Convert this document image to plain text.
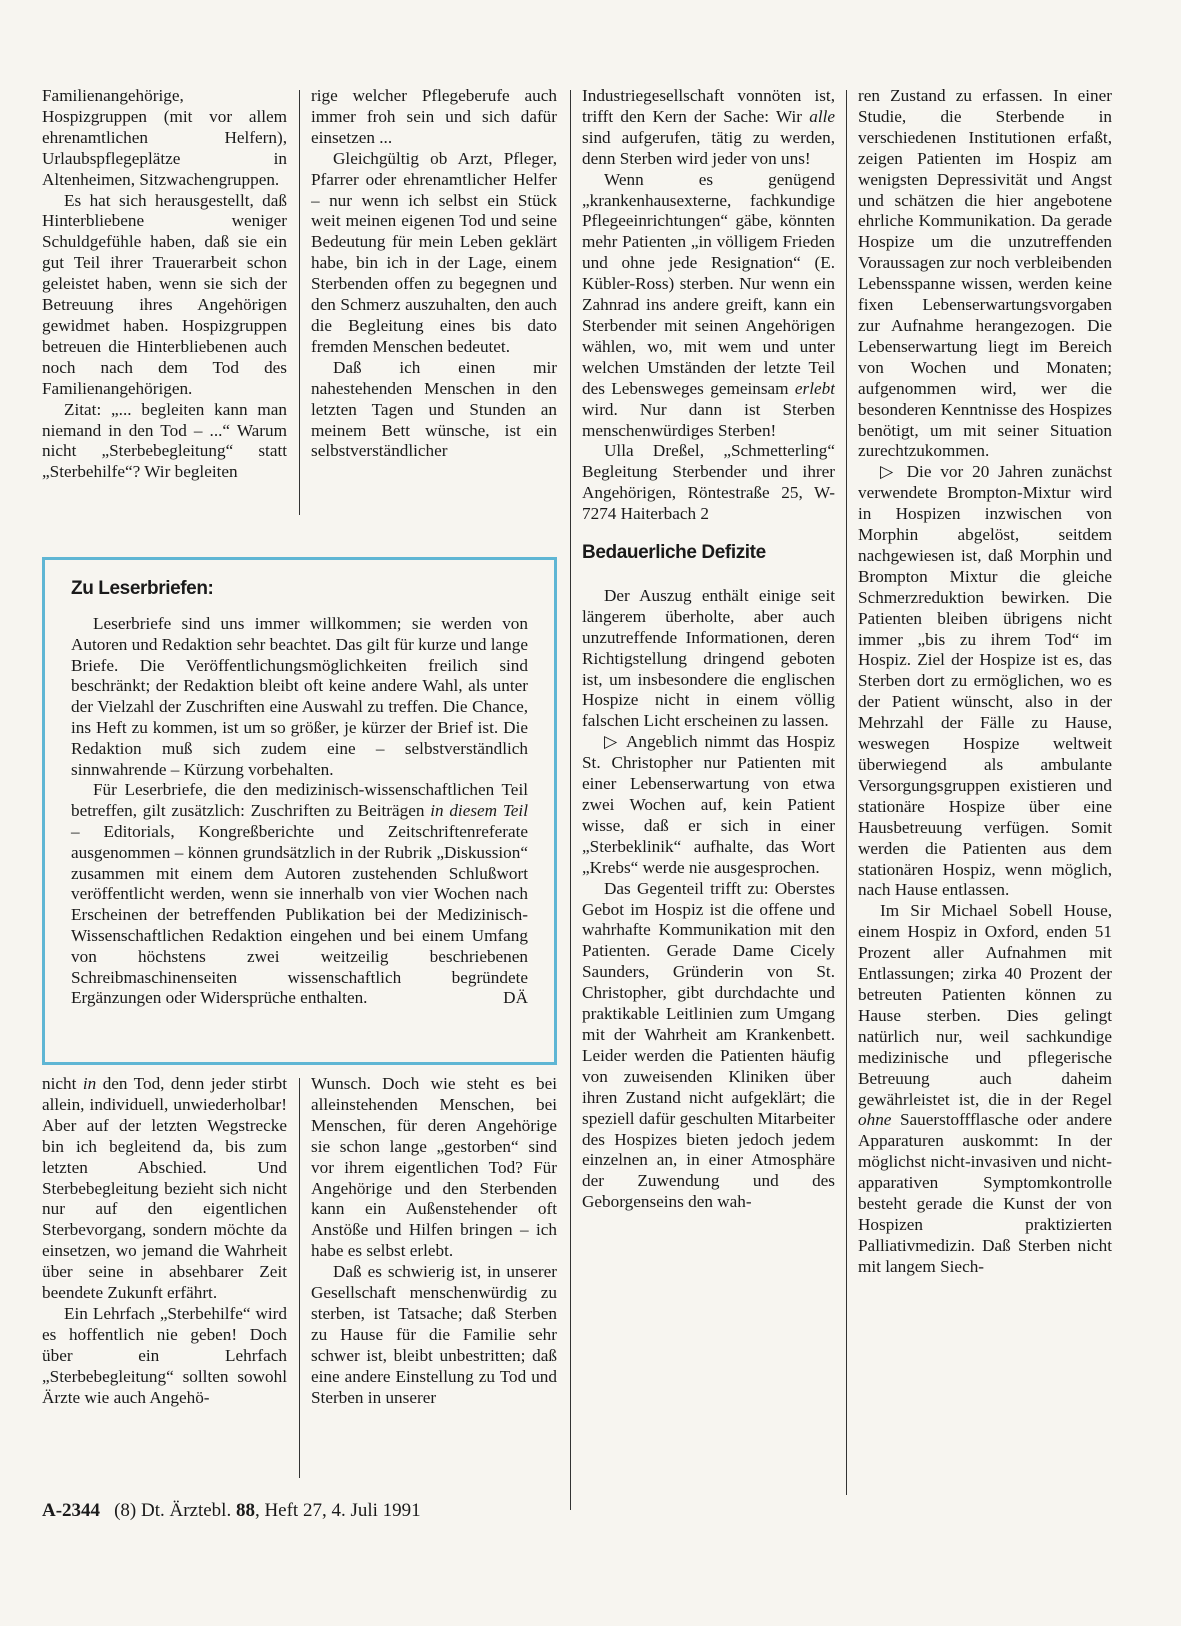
Familienangehörige, Hospizgruppen (mit vor allem ehrenamtlichen Helfern), Urlaubspflegeplätze in Altenheimen, Sitzwachengruppen.

Es hat sich herausgestellt, daß Hinterbliebene weniger Schuldgefühle haben, daß sie ein gut Teil ihrer Trauerarbeit schon geleistet haben, wenn sie sich der Betreuung ihres Angehörigen gewidmet haben. Hospizgruppen betreuen die Hinterbliebenen auch noch nach dem Tod des Familienangehörigen.

Zitat: „... begleiten kann man niemand in den Tod – ...“ Warum nicht „Sterbebegleitung“ statt „Sterbehilfe“? Wir begleiten

rige welcher Pflegeberufe auch immer froh sein und sich dafür einsetzen ...

Gleichgültig ob Arzt, Pfleger, Pfarrer oder ehrenamtlicher Helfer – nur wenn ich selbst ein Stück weit meinen eigenen Tod und seine Bedeutung für mein Leben geklärt habe, bin ich in der Lage, einem Sterbenden offen zu begegnen und den Schmerz auszuhalten, den auch die Begleitung eines bis dato fremden Menschen bedeutet.

Daß ich einen mir nahestehenden Menschen in den letzten Tagen und Stunden an meinem Bett wünsche, ist ein selbstverständlicher

Zu Leserbriefen:

Leserbriefe sind uns immer willkommen; sie werden von Autoren und Redaktion sehr beachtet. Das gilt für kurze und lange Briefe. Die Veröffentlichungsmöglichkeiten freilich sind beschränkt; der Redaktion bleibt oft keine andere Wahl, als unter der Vielzahl der Zuschriften eine Auswahl zu treffen. Die Chance, ins Heft zu kommen, ist um so größer, je kürzer der Brief ist. Die Redaktion muß sich zudem eine – selbstverständlich sinnwahrende – Kürzung vorbehalten.

Für Leserbriefe, die den medizinisch-wissenschaftlichen Teil betreffen, gilt zusätzlich: Zuschriften zu Beiträgen in diesem Teil – Editorials, Kongreßberichte und Zeitschriftenreferate ausgenommen – können grundsätzlich in der Rubrik „Diskussion“ zusammen mit einem dem Autoren zustehenden Schlußwort veröffentlicht werden, wenn sie innerhalb von vier Wochen nach Erscheinen der betreffenden Publikation bei der Medizinisch-Wissenschaftlichen Redaktion eingehen und bei einem Umfang von höchstens zwei weitzeilig beschriebenen Schreibmaschinenseiten wissenschaftlich begründete Ergänzungen oder Widersprüche enthalten.	DÄ

nicht in den Tod, denn jeder stirbt allein, individuell, unwiederholbar! Aber auf der letzten Wegstrecke bin ich begleitend da, bis zum letzten Abschied. Und Sterbebegleitung bezieht sich nicht nur auf den eigentlichen Sterbevorgang, sondern möchte da einsetzen, wo jemand die Wahrheit über seine in absehbarer Zeit beendete Zukunft erfährt.

Ein Lehrfach „Sterbehilfe“ wird es hoffentlich nie geben! Doch über ein Lehrfach „Sterbebegleitung“ sollten sowohl Ärzte wie auch Angehö-

Wunsch. Doch wie steht es bei alleinstehenden Menschen, bei Menschen, für deren Angehörige sie schon lange „gestorben“ sind vor ihrem eigentlichen Tod? Für Angehörige und den Sterbenden kann ein Außenstehender oft Anstöße und Hilfen bringen – ich habe es selbst erlebt.

Daß es schwierig ist, in unserer Gesellschaft menschenwürdig zu sterben, ist Tatsache; daß Sterben zu Hause für die Familie sehr schwer ist, bleibt unbestritten; daß eine andere Einstellung zu Tod und Sterben in unserer

Industriegesellschaft vonnöten ist, trifft den Kern der Sache: Wir alle sind aufgerufen, tätig zu werden, denn Sterben wird jeder von uns!

Wenn es genügend „krankenhausexterne, fachkundige Pflegeeinrichtungen“ gäbe, könnten mehr Patienten „in völligem Frieden und ohne jede Resignation“ (E. Kübler-Ross) sterben. Nur wenn ein Zahnrad ins andere greift, kann ein Sterbender mit seinen Angehörigen wählen, wo, mit wem und unter welchen Umständen der letzte Teil des Lebensweges gemeinsam erlebt wird. Nur dann ist Sterben menschenwürdiges Sterben!

Ulla Dreßel, „Schmetterling“ Begleitung Sterbender und ihrer Angehörigen, Röntestraße 25, W-7274 Haiterbach 2

Bedauerliche Defizite

Der Auszug enthält einige seit längerem überholte, aber auch unzutreffende Informationen, deren Richtigstellung dringend geboten ist, um insbesondere die englischen Hospize nicht in einem völlig falschen Licht erscheinen zu lassen.

▷ Angeblich nimmt das Hospiz St. Christopher nur Patienten mit einer Lebenserwartung von etwa zwei Wochen auf, kein Patient wisse, daß er sich in einer „Sterbeklinik“ aufhalte, das Wort „Krebs“ werde nie ausgesprochen.

Das Gegenteil trifft zu: Oberstes Gebot im Hospiz ist die offene und wahrhafte Kommunikation mit den Patienten. Gerade Dame Cicely Saunders, Gründerin von St. Christopher, gibt durchdachte und praktikable Leitlinien zum Umgang mit der Wahrheit am Krankenbett. Leider werden die Patienten häufig von zuweisenden Kliniken über ihren Zustand nicht aufgeklärt; die speziell dafür geschulten Mitarbeiter des Hospizes bieten jedoch jedem einzelnen an, in einer Atmosphäre der Zuwendung und des Geborgenseins den wah-

ren Zustand zu erfassen. In einer Studie, die Sterbende in verschiedenen Institutionen erfaßt, zeigen Patienten im Hospiz am wenigsten Depressivität und Angst und schätzen die hier angebotene ehrliche Kommunikation. Da gerade Hospize um die unzutreffenden Voraussagen zur noch verbleibenden Lebensspanne wissen, werden keine fixen Lebenserwartungsvorgaben zur Aufnahme herangezogen. Die Lebenserwartung liegt im Bereich von Wochen und Monaten; aufgenommen wird, wer die besonderen Kenntnisse des Hospizes benötigt, um mit seiner Situation zurechtzukommen.

▷ Die vor 20 Jahren zunächst verwendete Brompton-Mixtur wird in Hospizen inzwischen von Morphin abgelöst, seitdem nachgewiesen ist, daß Morphin und Brompton Mixtur die gleiche Schmerzreduktion bewirken. Die Patienten bleiben übrigens nicht immer „bis zu ihrem Tod“ im Hospiz. Ziel der Hospize ist es, das Sterben dort zu ermöglichen, wo es der Patient wünscht, also in der Mehrzahl der Fälle zu Hause, weswegen Hospize weltweit überwiegend als ambulante Versorgungsgruppen existieren und stationäre Hospize über eine Hausbetreuung verfügen. Somit werden die Patienten aus dem stationären Hospiz, wenn möglich, nach Hause entlassen.

Im Sir Michael Sobell House, einem Hospiz in Oxford, enden 51 Prozent aller Aufnahmen mit Entlassungen; zirka 40 Prozent der betreuten Patienten können zu Hause sterben. Dies gelingt natürlich nur, weil sachkundige medizinische und pflegerische Betreuung auch daheim gewährleistet ist, die in der Regel ohne Sauerstoffflasche oder andere Apparaturen auskommt: In der möglichst nicht-invasiven und nicht-apparativen Symptomkontrolle besteht gerade die Kunst der von Hospizen praktizierten Palliativmedizin. Daß Sterben nicht mit langem Siech-

A-2344 (8) Dt. Ärztebl. 88, Heft 27, 4. Juli 1991
